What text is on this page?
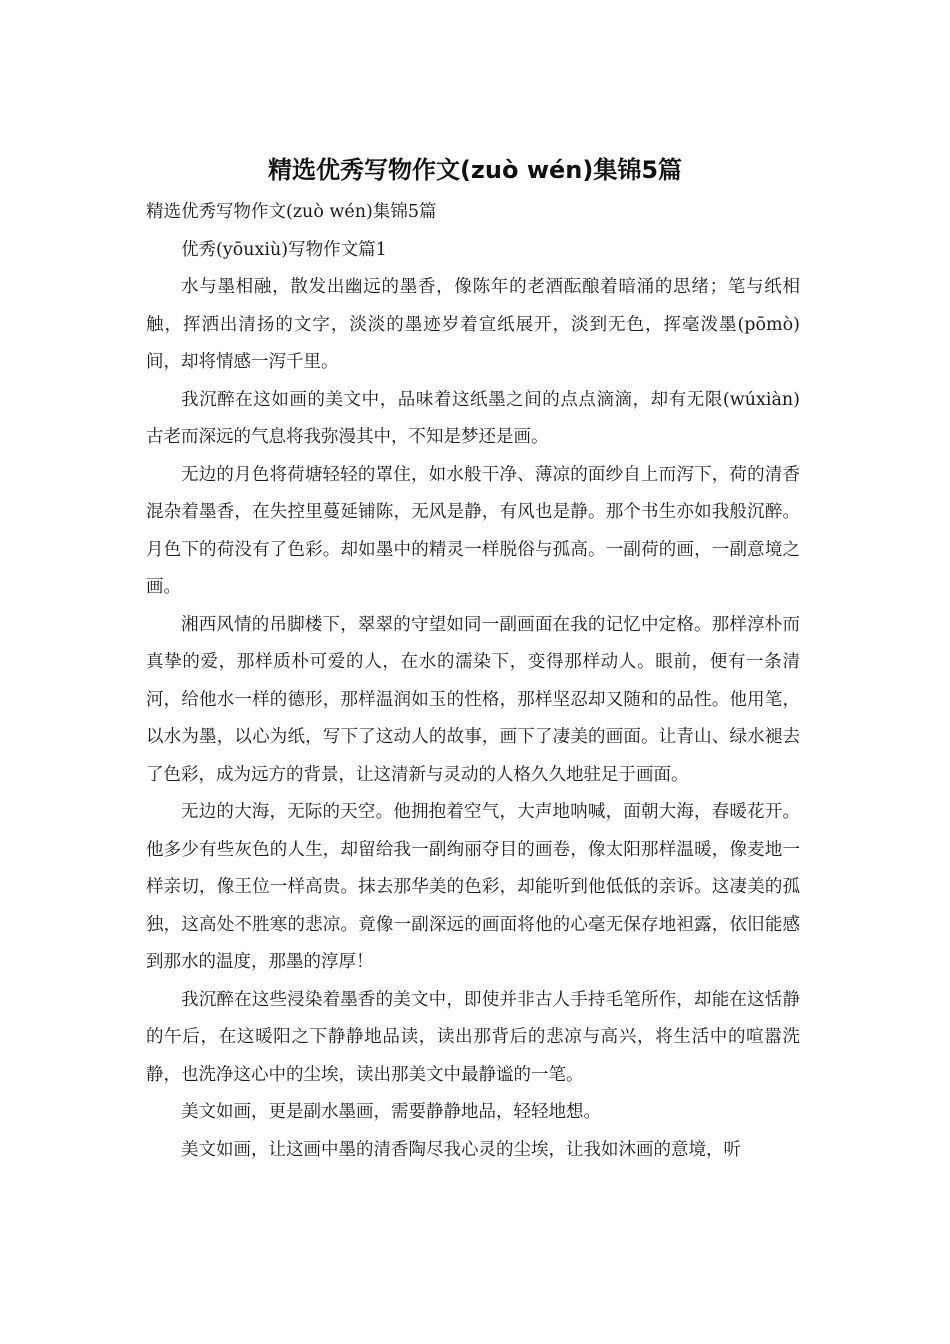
精选优秀写物作文(zuò wén)集锦5篇

精选优秀写物作文(zuò wén)集锦5篇

优秀(yōuxiù)写物作文篇1

水与墨相融，散发出幽远的墨香，像陈年的老酒酝酿着暗涌的思绪；笔与纸相触，挥洒出清扬的文字，淡淡的墨迹岁着宣纸展开，淡到无色，挥毫泼墨(pōmò)间，却将情感一泻千里。

我沉醉在这如画的美文中，品味着这纸墨之间的点点滴滴，却有无限(wúxiàn)古老而深远的气息将我弥漫其中，不知是梦还是画。

无边的月色将荷塘轻轻的罩住，如水般干净、薄凉的面纱自上而泻下，荷的清香混杂着墨香，在失控里蔓延铺陈，无风是静，有风也是静。那个书生亦如我般沉醉。月色下的荷没有了色彩。却如墨中的精灵一样脱俗与孤高。一副荷的画，一副意境之画。

湘西风情的吊脚楼下，翠翠的守望如同一副画面在我的记忆中定格。那样淳朴而真挚的爱，那样质朴可爱的人，在水的濡染下，变得那样动人。眼前，便有一条清河，给他水一样的德形，那样温润如玉的性格，那样坚忍却又随和的品性。他用笔，以水为墨，以心为纸，写下了这动人的故事，画下了凄美的画面。让青山、绿水褪去了色彩，成为远方的背景，让这清新与灵动的人格久久地驻足于画面。

无边的大海，无际的天空。他拥抱着空气，大声地呐喊，面朝大海，春暖花开。他多少有些灰色的人生，却留给我一副绚丽夺目的画卷，像太阳那样温暖，像麦地一样亲切，像王位一样高贵。抹去那华美的色彩，却能听到他低低的亲诉。这凄美的孤独，这高处不胜寒的悲凉。竟像一副深远的画面将他的心毫无保存地袒露，依旧能感到那水的温度，那墨的淳厚！

我沉醉在这些浸染着墨香的美文中，即使并非古人手持毛笔所作，却能在这恬静的午后，在这暖阳之下静静地品读，读出那背后的悲凉与高兴，将生活中的喧嚣洗静，也洗净这心中的尘埃，读出那美文中最静谧的一笔。

美文如画，更是副水墨画，需要静静地品，轻轻地想。

美文如画，让这画中墨的清香陶尽我心灵的尘埃，让我如沐画的意境，听
